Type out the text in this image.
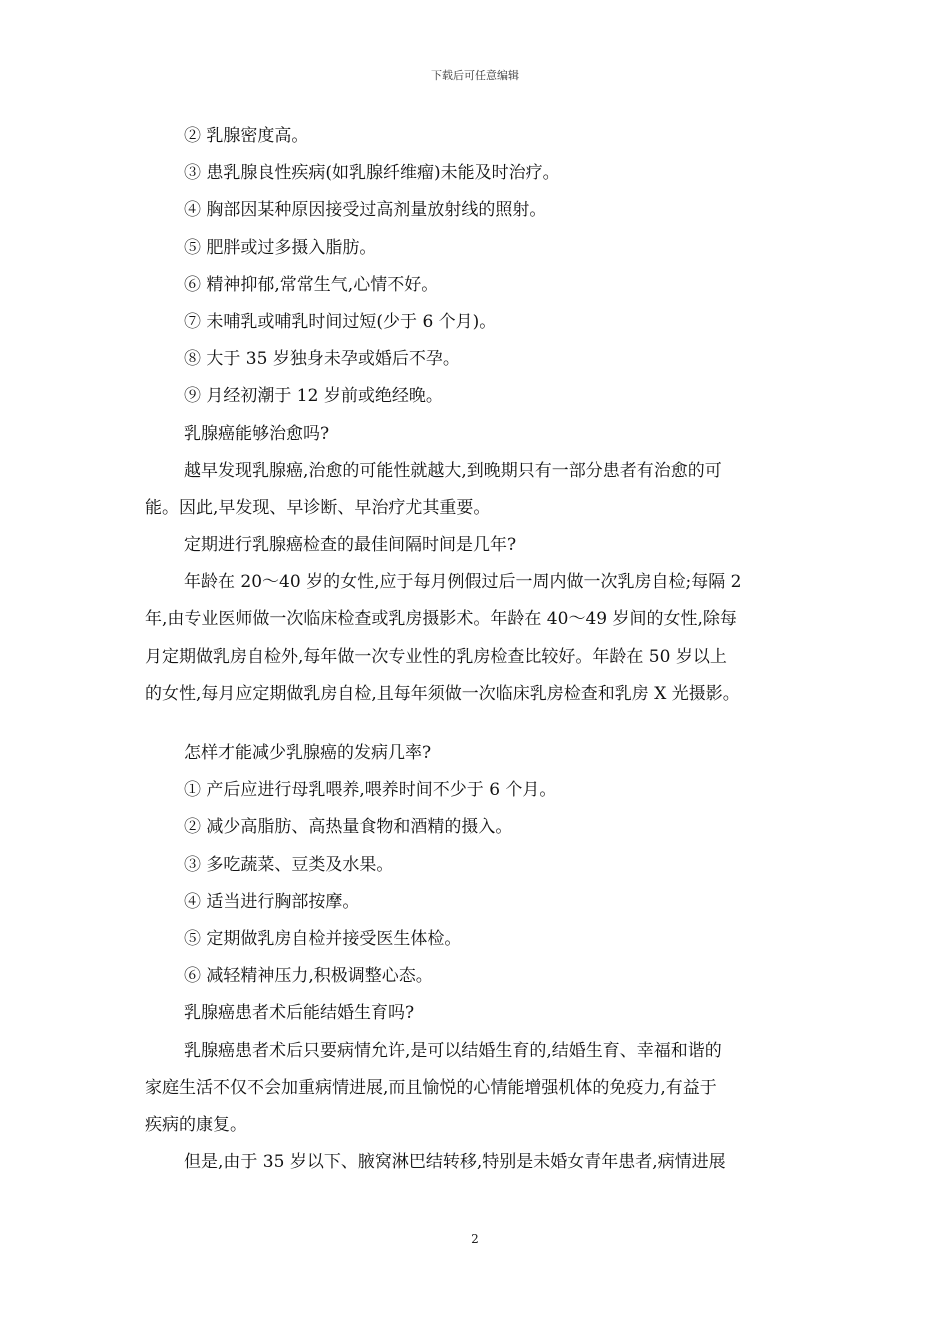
下载后可任意编辑
② 乳腺密度高。
③ 患乳腺良性疾病(如乳腺纤维瘤)未能及时治疗。
④ 胸部因某种原因接受过高剂量放射线的照射。
⑤ 肥胖或过多摄入脂肪。
⑥ 精神抑郁,常常生气,心情不好。
⑦ 未哺乳或哺乳时间过短(少于 6 个月)。
⑧ 大于 35 岁独身未孕或婚后不孕。
⑨ 月经初潮于 12 岁前或绝经晚。
乳腺癌能够治愈吗?
越早发现乳腺癌,治愈的可能性就越大,到晚期只有一部分患者有治愈的可
能。因此,早发现、早诊断、早治疗尤其重要。
定期进行乳腺癌检查的最佳间隔时间是几年?
年龄在 20～40 岁的女性,应于每月例假过后一周内做一次乳房自检;每隔 2
年,由专业医师做一次临床检查或乳房摄影术。年龄在 40～49 岁间的女性,除每
月定期做乳房自检外,每年做一次专业性的乳房检查比较好。年龄在 50 岁以上
的女性,每月应定期做乳房自检,且每年须做一次临床乳房检查和乳房 X 光摄影。
怎样才能减少乳腺癌的发病几率?
① 产后应进行母乳喂养,喂养时间不少于 6 个月。
② 减少高脂肪、高热量食物和酒精的摄入。
③ 多吃蔬菜、豆类及水果。
④ 适当进行胸部按摩。
⑤ 定期做乳房自检并接受医生体检。
⑥ 减轻精神压力,积极调整心态。
乳腺癌患者术后能结婚生育吗?
乳腺癌患者术后只要病情允许,是可以结婚生育的,结婚生育、幸福和谐的
家庭生活不仅不会加重病情进展,而且愉悦的心情能增强机体的免疫力,有益于
疾病的康复。
但是,由于 35 岁以下、腋窝淋巴结转移,特别是未婚女青年患者,病情进展
2
